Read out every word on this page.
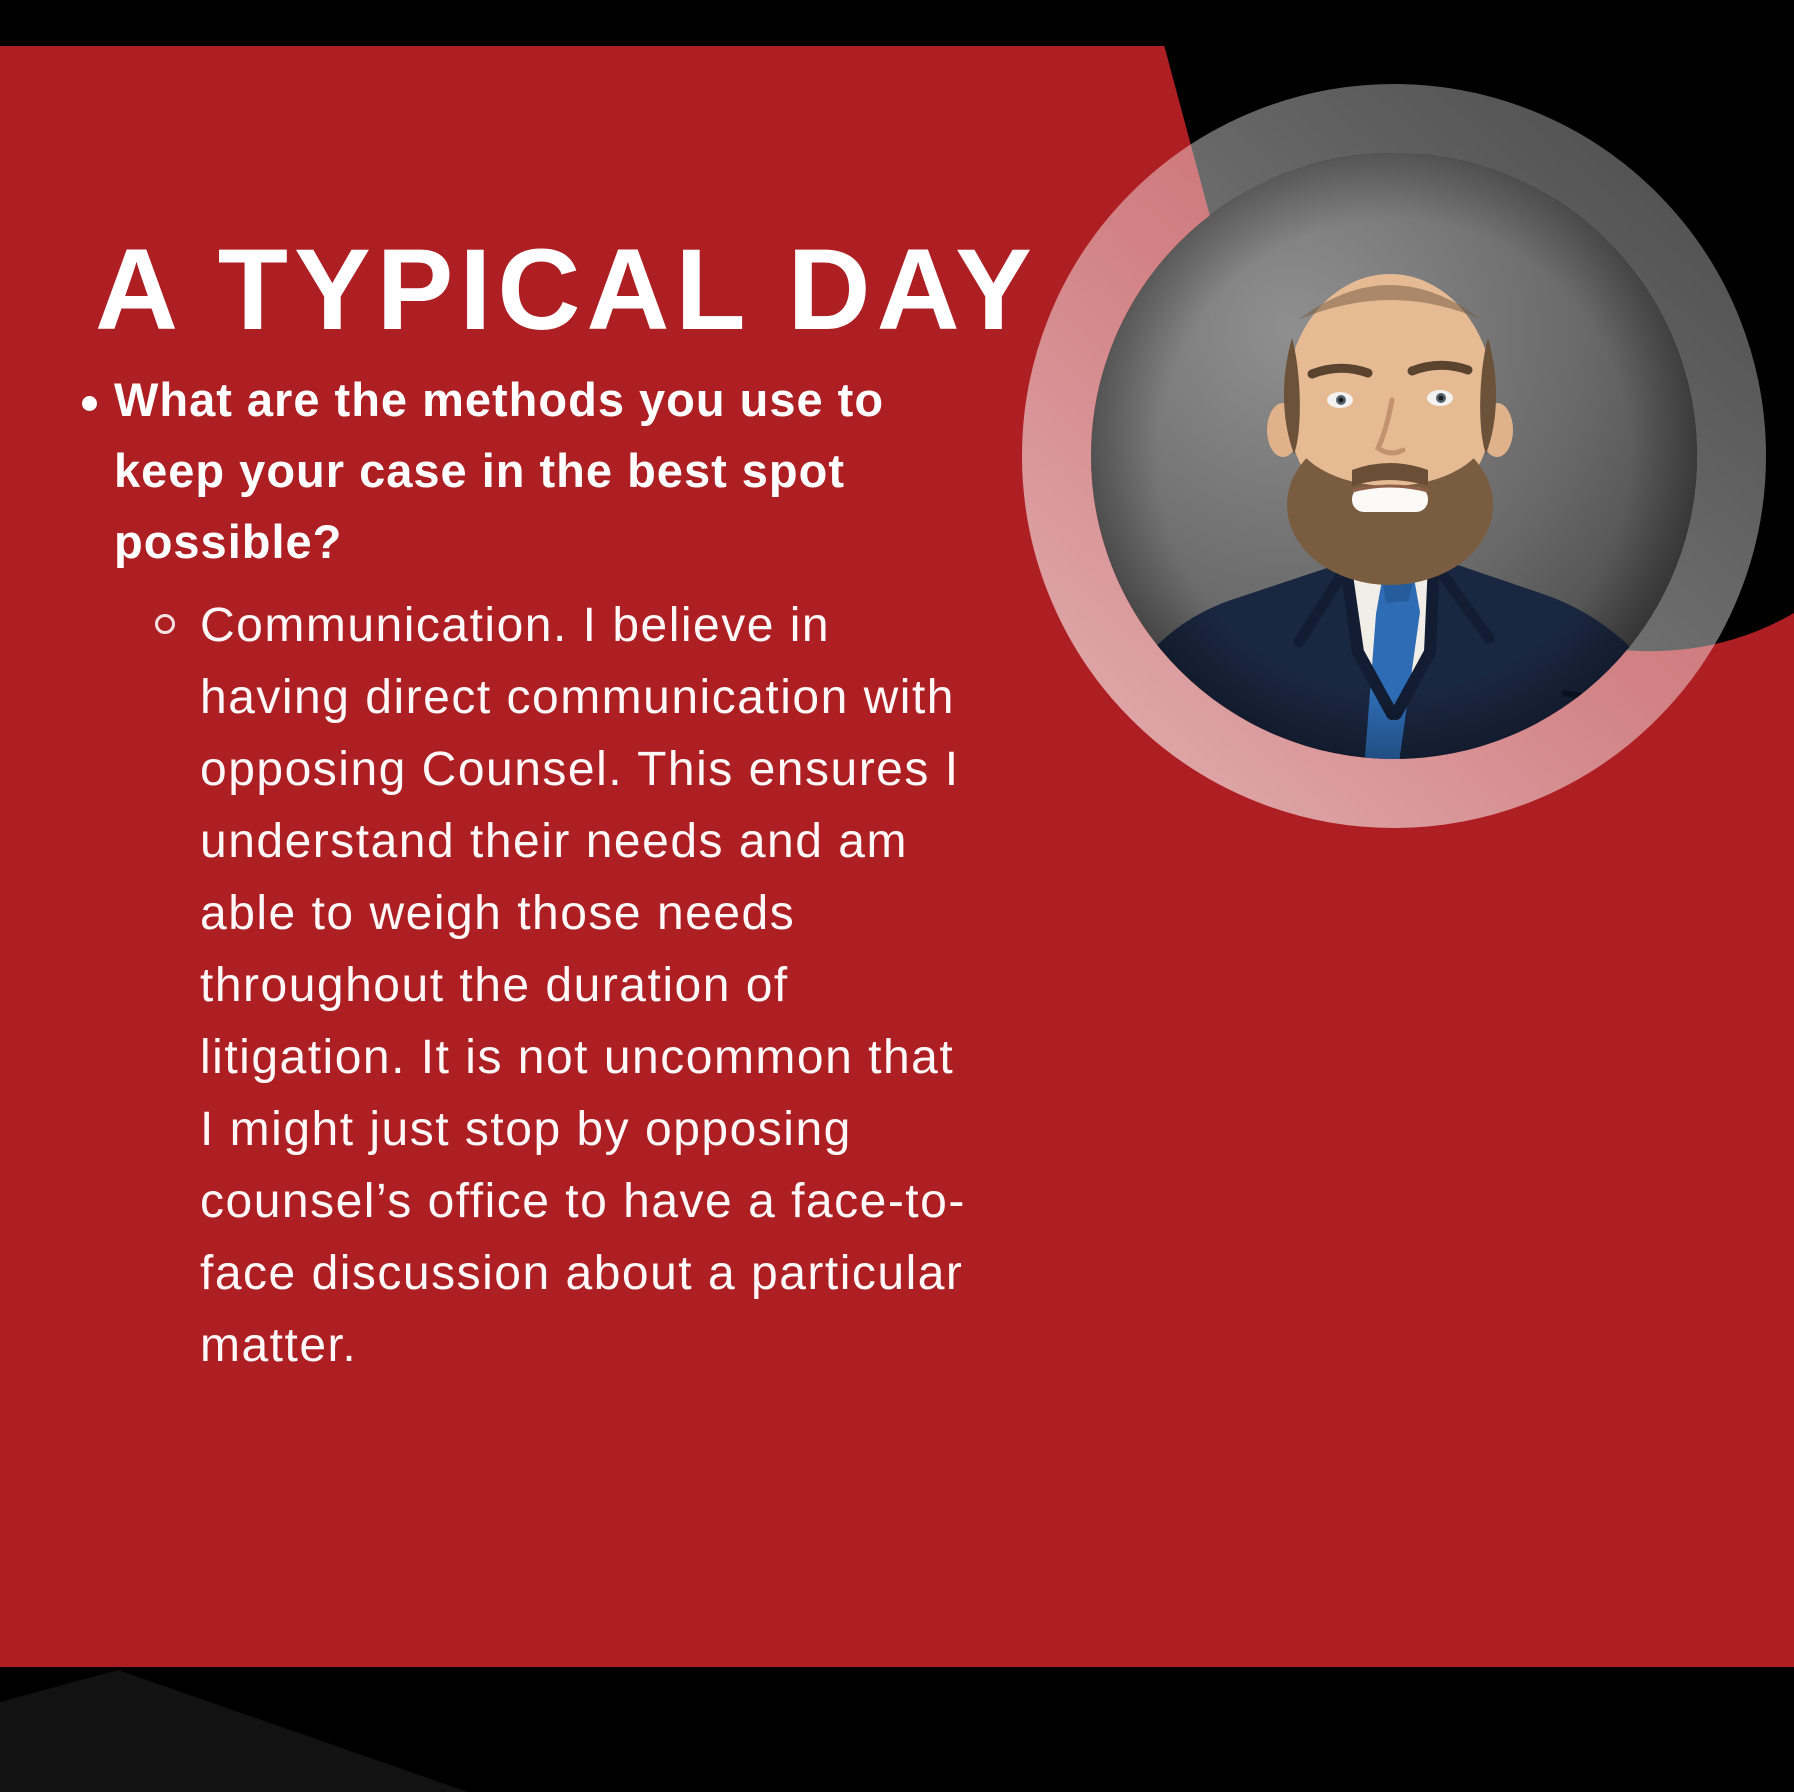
A TYPICAL DAY
What are the methods you use to
keep your case in the best spot
possible?
Communication. I believe in
having direct communication with
opposing Counsel. This ensures I
understand their needs and am
able to weigh those needs
throughout the duration of
litigation. It is not uncommon that
I might just stop by opposing
counsel’s office to have a face-to-
face discussion about a particular
matter.
